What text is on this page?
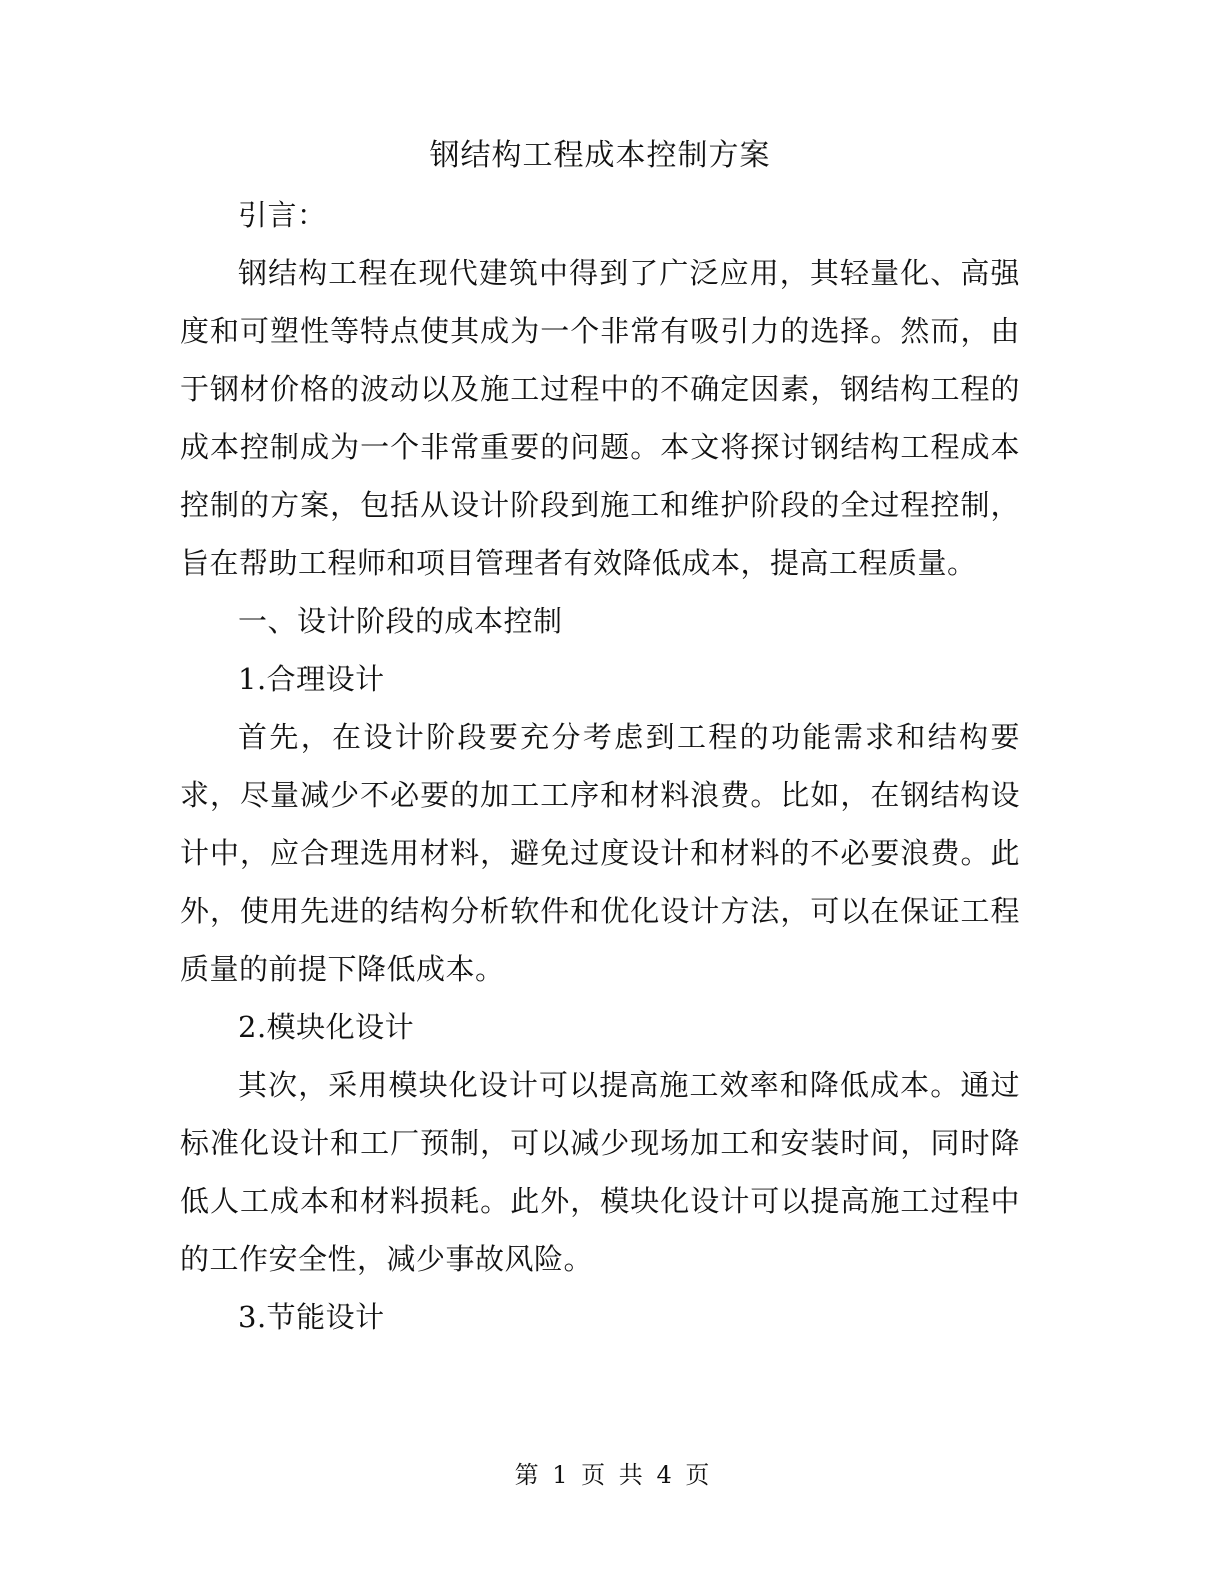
钢结构工程成本控制方案

引言：

钢结构工程在现代建筑中得到了广泛应用，其轻量化、高强度和可塑性等特点使其成为一个非常有吸引力的选择。然而，由于钢材价格的波动以及施工过程中的不确定因素，钢结构工程的成本控制成为一个非常重要的问题。本文将探讨钢结构工程成本控制的方案，包括从设计阶段到施工和维护阶段的全过程控制，旨在帮助工程师和项目管理者有效降低成本，提高工程质量。

一、设计阶段的成本控制

1.合理设计

首先，在设计阶段要充分考虑到工程的功能需求和结构要求，尽量减少不必要的加工工序和材料浪费。比如，在钢结构设计中，应合理选用材料，避免过度设计和材料的不必要浪费。此外，使用先进的结构分析软件和优化设计方法，可以在保证工程质量的前提下降低成本。

2.模块化设计

其次，采用模块化设计可以提高施工效率和降低成本。通过标准化设计和工厂预制，可以减少现场加工和安装时间，同时降低人工成本和材料损耗。此外，模块化设计可以提高施工过程中的工作安全性，减少事故风险。

3.节能设计

第 1 页 共 4 页
